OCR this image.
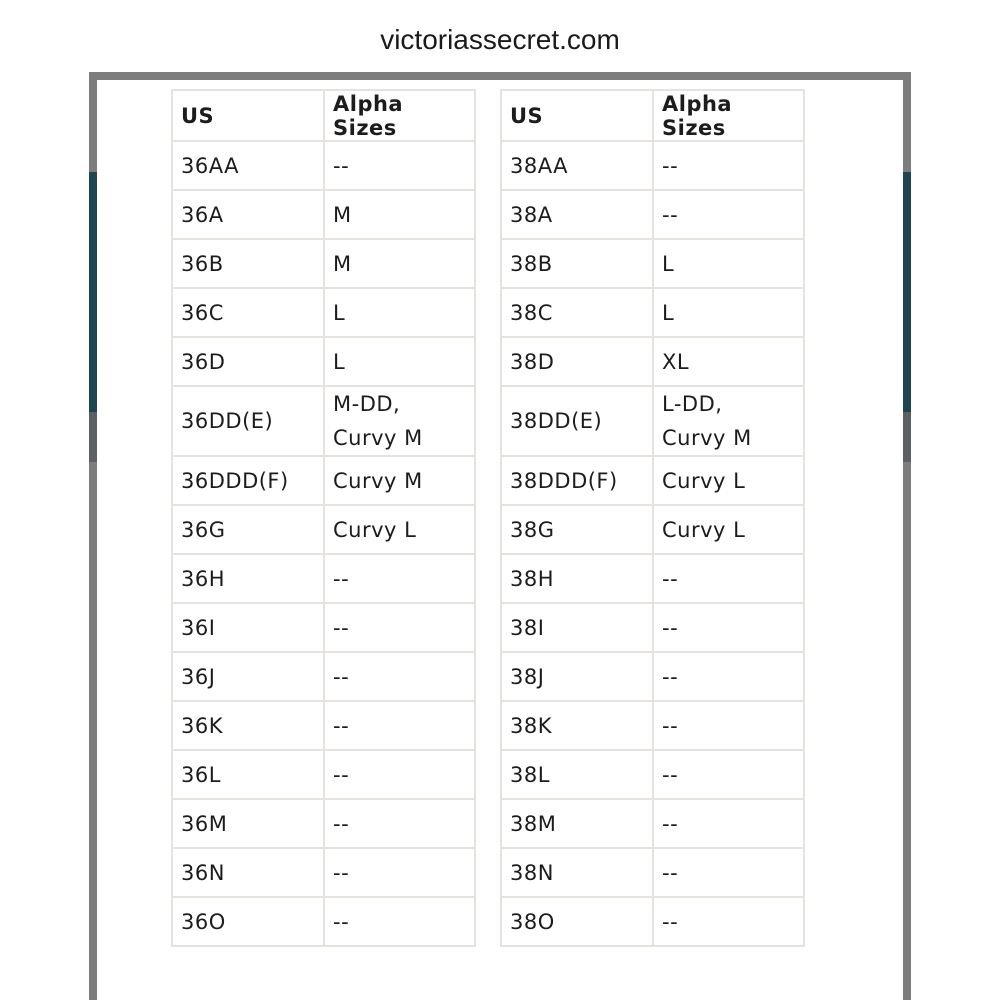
victoriassecret.com
US	Alpha Sizes
36AA	--
36A	M
36B	M
36C	L
36D	L
36DD(E)	M-DD,
Curvy M
36DDD(F)	Curvy M
36G	Curvy L
36H	--
36I	--
36J	--
36K	--
36L	--
36M	--
36N	--
36O	--
US	Alpha Sizes
38AA	--
38A	--
38B	L
38C	L
38D	XL
38DD(E)	L-DD,
Curvy M
38DDD(F)	Curvy L
38G	Curvy L
38H	--
38I	--
38J	--
38K	--
38L	--
38M	--
38N	--
38O	--
